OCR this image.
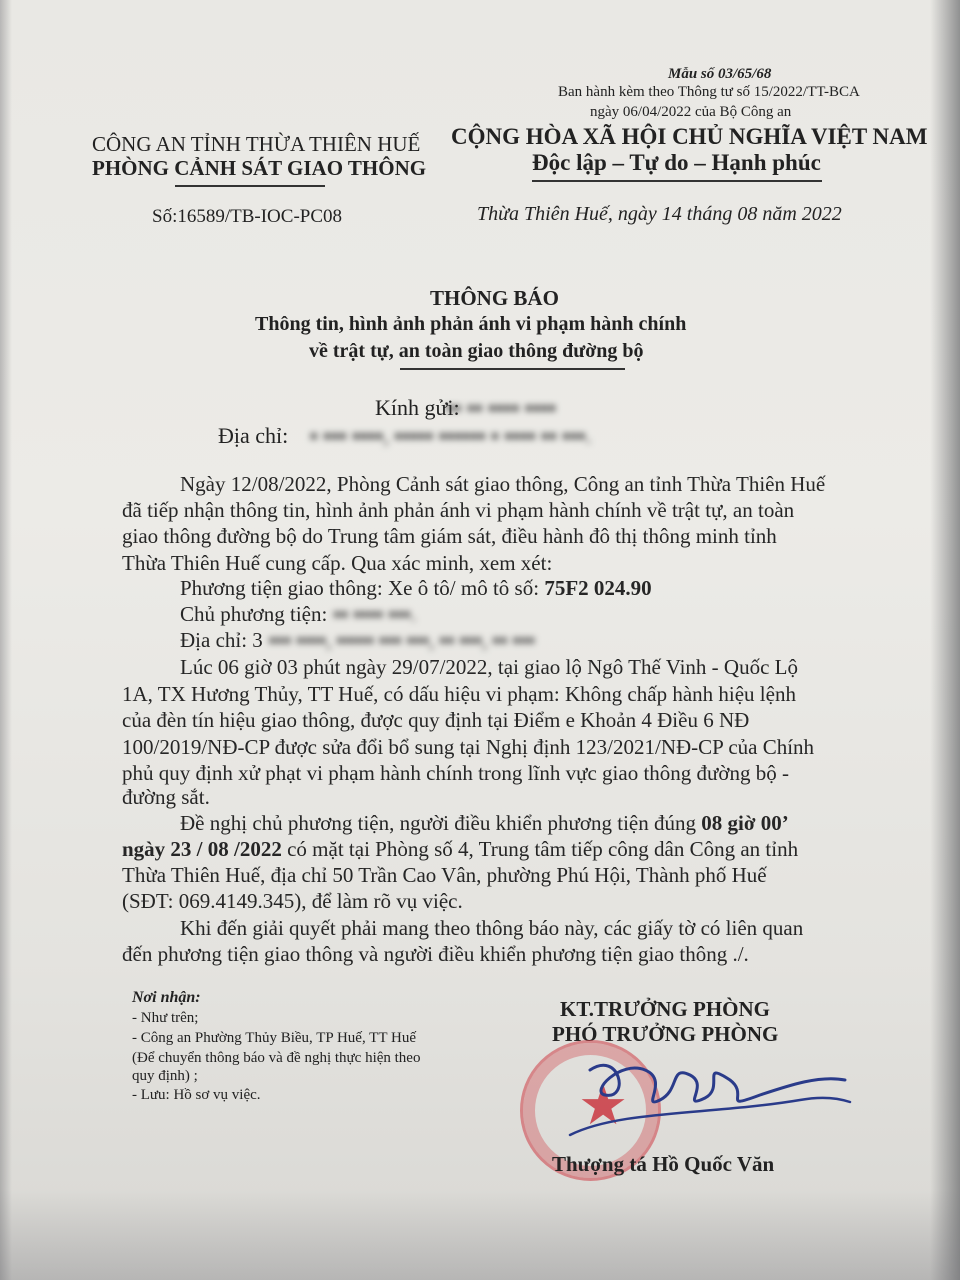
Mẫu số 03/65/68
Ban hành kèm theo Thông tư số 15/2022/TT-BCA
ngày 06/04/2022 của Bộ Công an
CÔNG AN TỈNH THỪA THIÊN HUẾ
PHÒNG CẢNH SÁT GIAO THÔNG
Số:16589/TB-IOC-PC08
CỘNG HÒA XÃ HỘI CHỦ NGHĨA VIỆT NAM
Độc lập – Tự do – Hạnh phúc
Thừa Thiên Huế, ngày 14 tháng 08 năm 2022
THÔNG BÁO
Thông tin, hình ảnh phản ánh vi phạm hành chính
về trật tự, an toàn giao thông đường bộ
Kính gửi:
▪▪ ▪▪ ▪▪▪▪ ▪▪▪▪
Địa chỉ: ▪ ▪▪▪ ▪▪▪▪, ▪▪▪▪▪ ▪▪▪▪▪▪ ▪ ▪▪▪▪ ▪▪ ▪▪▪.
Ngày 12/08/2022, Phòng Cảnh sát giao thông, Công an tỉnh Thừa Thiên Huế
đã tiếp nhận thông tin, hình ảnh phản ánh vi phạm hành chính về trật tự, an toàn
giao thông đường bộ do Trung tâm giám sát, điều hành đô thị thông minh tỉnh
Thừa Thiên Huế cung cấp. Qua xác minh, xem xét:
Phương tiện giao thông: Xe ô tô/ mô tô số: 75F2 024.90
Chủ phương tiện: ▪▪ ▪▪▪▪ ▪▪▪.
Địa chỉ: 3 ▪▪▪ ▪▪▪▪, ▪▪▪▪▪ ▪▪▪ ▪▪▪, ▪▪ ▪▪▪, ▪▪ ▪▪▪
Lúc 06 giờ 03 phút ngày 29/07/2022, tại giao lộ Ngô Thế Vinh - Quốc Lộ
1A, TX Hương Thủy, TT Huế, có dấu hiệu vi phạm: Không chấp hành hiệu lệnh
của đèn tín hiệu giao thông, được quy định tại Điểm e Khoản 4 Điều 6 NĐ
100/2019/NĐ-CP được sửa đổi bổ sung tại Nghị định 123/2021/NĐ-CP của Chính
phủ quy định xử phạt vi phạm hành chính trong lĩnh vực giao thông đường bộ -
đường sắt.
Đề nghị chủ phương tiện, người điều khiển phương tiện đúng 08 giờ 00’
ngày 23 / 08 /2022 có mặt tại Phòng số 4, Trung tâm tiếp công dân Công an tỉnh
Thừa Thiên Huế, địa chỉ 50 Trần Cao Vân, phường Phú Hội, Thành phố Huế
(SĐT: 069.4149.345), để làm rõ vụ việc.
Khi đến giải quyết phải mang theo thông báo này, các giấy tờ có liên quan
đến phương tiện giao thông và người điều khiển phương tiện giao thông ./.
Nơi nhận:
- Như trên;
- Công an Phường Thủy Biều, TP Huế, TT Huế
(Để chuyển thông báo và đề nghị thực hiện theo
quy định) ;
- Lưu: Hồ sơ vụ việc.
KT.TRƯỞNG PHÒNG
PHÓ TRƯỞNG PHÒNG
★
Thượng tá Hồ Quốc Văn
